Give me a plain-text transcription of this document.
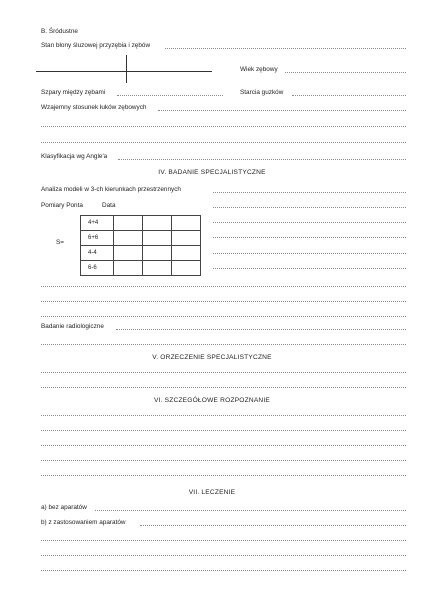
B. Śródustne
Stan błony śluzowej przyzębia i zębów
Wiek zębowy
Szpary między zębami	Starcia guzków
Wzajemny stosunek łuków zębowych
Klasyfikacja wg Angle'a
IV. BADANIE SPECJALISTYCZNE
Analiza modeli w 3-ch kierunkach przestrzennych
Pomiary Ponta	Data
S=
4+4			
6+6			
4-4			
6-6			
Badanie radiologiczne
V. ORZECZENIE SPECJALISTYCZNE
VI. SZCZEGÓŁOWE ROZPOZNANIE
VII. LECZENIE
a) bez aparatów
b) z zastosowaniem aparatów
